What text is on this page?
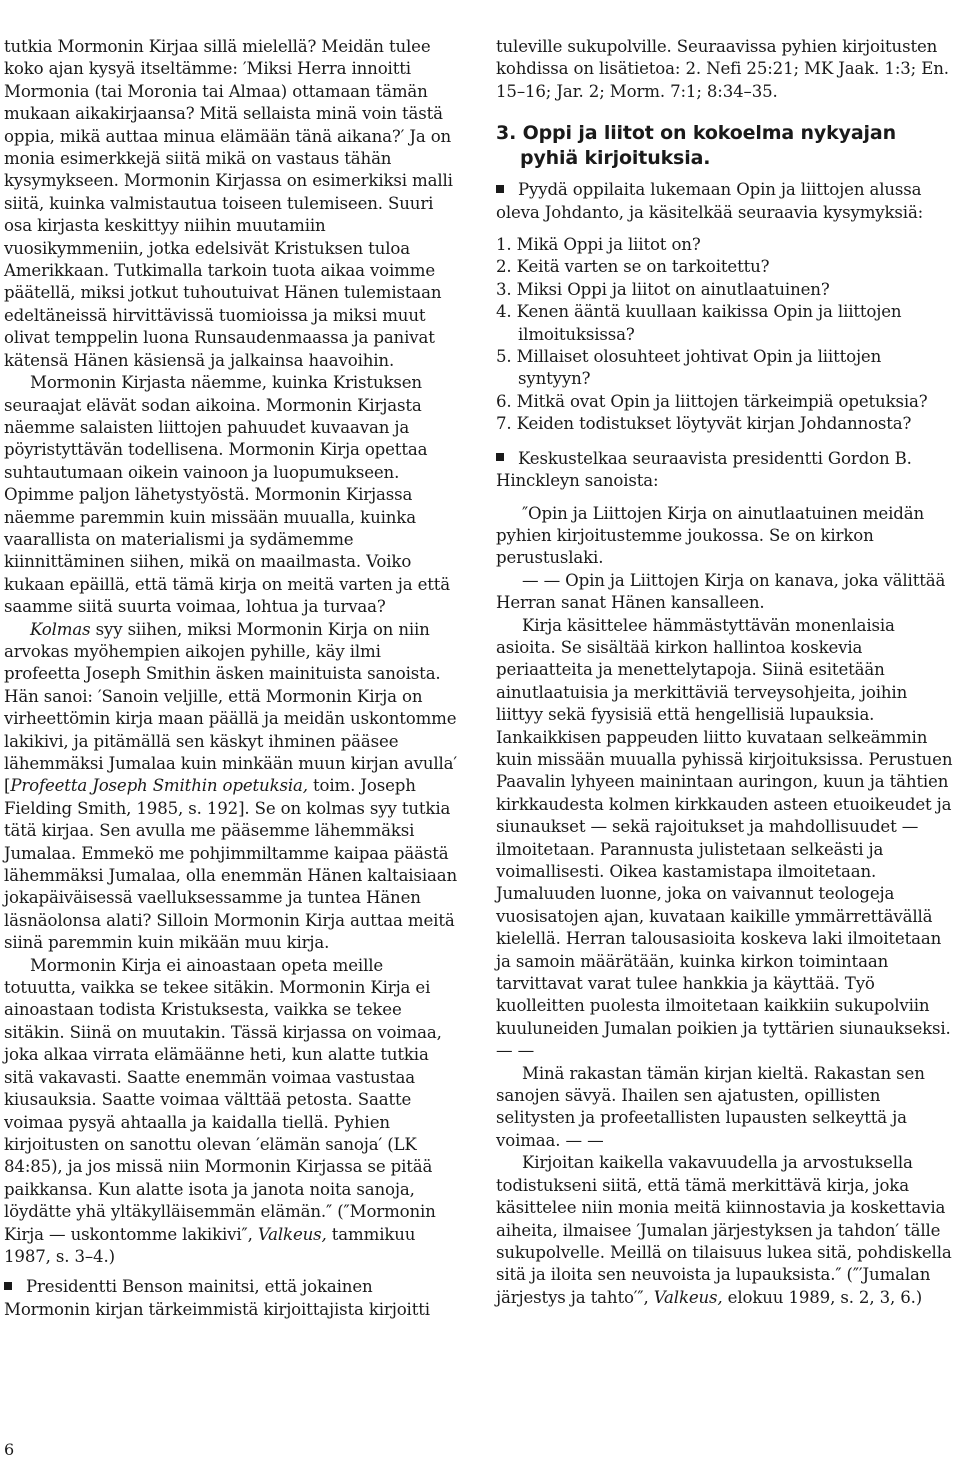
tutkia Mormonin Kirjaa sillä mielellä? Meidän tulee koko ajan kysyä itseltämme: ′Miksi Herra innoitti Mormonia (tai Moronia tai Almaa) ottamaan tämän mukaan aikakirjaansa? Mitä sellaista minä voin tästä oppia, mikä auttaa minua elämään tänä aikana?′ Ja on monia esimerkkejä siitä mikä on vastaus tähän kysymykseen. Mormonin Kirjassa on esimerkiksi malli siitä, kuinka valmistautua toiseen tulemiseen. Suuri osa kirjasta keskittyy niihin muutamiin vuosikymmeniin, jotka edelsivät Kristuksen tuloa Amerikkaan. Tutkimalla tarkoin tuota aikaa voimme päätellä, miksi jotkut tuhoutuivat Hänen tulemistaan edeltäneissä hirvittävissä tuomioissa ja miksi muut olivat temppelin luona Runsaudenmaassa ja panivat kätensä Hänen käsiensä ja jalkainsa haavoihin.

Mormonin Kirjasta näemme, kuinka Kristuksen seuraajat elävät sodan aikoina. Mormonin Kirjasta näemme salaisten liittojen pahuudet kuvaavan ja pöyristyttävän todellisena. Mormonin Kirja opettaa suhtautumaan oikein vainoon ja luopumukseen. Opimme paljon lähetystyöstä. Mormonin Kirjassa näemme paremmin kuin missään muualla, kuinka vaarallista on materialismi ja sydämemme kiinnittäminen siihen, mikä on maailmasta. Voiko kukaan epäillä, että tämä kirja on meitä varten ja että saamme siitä suurta voimaa, lohtua ja turvaa?

Kolmas syy siihen, miksi Mormonin Kirja on niin arvokas myöhempien aikojen pyhille, käy ilmi profeetta Joseph Smithin äsken mainituista sanoista. Hän sanoi: ′Sanoin veljille, että Mormonin Kirja on virheettömin kirja maan päällä ja meidän uskontomme lakikivi, ja pitämällä sen käskyt ihminen pääsee lähemmäksi Jumalaa kuin minkään muun kirjan avulla′ [Profeetta Joseph Smithin opetuksia, toim. Joseph Fielding Smith, 1985, s. 192]. Se on kolmas syy tutkia tätä kirjaa. Sen avulla me pääsemme lähemmäksi Jumalaa. Emmekö me pohjimmiltamme kaipaa päästä lähemmäksi Jumalaa, olla enemmän Hänen kaltaisiaan jokapäiväisessä vaelluksessamme ja tuntea Hänen läsnäolonsa alati? Silloin Mormonin Kirja auttaa meitä siinä paremmin kuin mikään muu kirja.

Mormonin Kirja ei ainoastaan opeta meille totuutta, vaikka se tekee sitäkin. Mormonin Kirja ei ainoastaan todista Kristuksesta, vaikka se tekee sitäkin. Siinä on muutakin. Tässä kirjassa on voimaa, joka alkaa virrata elämäänne heti, kun alatte tutkia sitä vakavasti. Saatte enemmän voimaa vastustaa kiusauksia. Saatte voimaa välttää petosta. Saatte voimaa pysyä ahtaalla ja kaidalla tiellä. Pyhien kirjoitusten on sanottu olevan ′elämän sanoja′ (LK 84:85), ja jos missä niin Mormonin Kirjassa se pitää paikkansa. Kun alatte isota ja janota noita sanoja, löydätte yhä yltäkylläisemmän elämän.″ (″Mormonin Kirja — uskontomme lakikivi″, Valkeus, tammikuu 1987, s. 3–4.)

Presidentti Benson mainitsi, että jokainen Mormonin kirjan tärkeimmistä kirjoittajista kirjoitti

tuleville sukupolville. Seuraavissa pyhien kirjoitusten kohdissa on lisätietoa: 2. Nefi 25:21; MK Jaak. 1:3; En. 15–16; Jar. 2; Morm. 7:1; 8:34–35.

3. Oppi ja liitot on kokoelma nykyajan pyhiä kirjoituksia.

Pyydä oppilaita lukemaan Opin ja liittojen alussa oleva Johdanto, ja käsitelkää seuraavia kysymyksiä:

1. Mikä Oppi ja liitot on?
2. Keitä varten se on tarkoitettu?
3. Miksi Oppi ja liitot on ainutlaatuinen?
4. Kenen ääntä kuullaan kaikissa Opin ja liittojen ilmoituksissa?
5. Millaiset olosuhteet johtivat Opin ja liittojen syntyyn?
6. Mitkä ovat Opin ja liittojen tärkeimpiä opetuksia?
7. Keiden todistukset löytyvät kirjan Johdannosta?

Keskustelkaa seuraavista presidentti Gordon B. Hinckleyn sanoista:

″Opin ja Liittojen Kirja on ainutlaatuinen meidän pyhien kirjoitustemme joukossa. Se on kirkon perustuslaki.

— — Opin ja Liittojen Kirja on kanava, joka välittää Herran sanat Hänen kansalleen.

Kirja käsittelee hämmästyttävän monenlaisia asioita. Se sisältää kirkon hallintoa koskevia periaatteita ja menettelytapoja. Siinä esitetään ainutlaatuisia ja merkittäviä terveysohjeita, joihin liittyy sekä fyysisiä että hengellisiä lupauksia. Iankaikkisen pappeuden liitto kuvataan selkeämmin kuin missään muualla pyhissä kirjoituksissa. Perustuen Paavalin lyhyeen mainintaan auringon, kuun ja tähtien kirkkaudesta kolmen kirkkauden asteen etuoikeudet ja siunaukset — sekä rajoitukset ja mahdollisuudet — ilmoitetaan. Parannusta julistetaan selkeästi ja voimallisesti. Oikea kastamistapa ilmoitetaan. Jumaluuden luonne, joka on vaivannut teologeja vuosisatojen ajan, kuvataan kaikille ymmärrettävällä kielellä. Herran talousasioita koskeva laki ilmoitetaan ja samoin määrätään, kuinka kirkon toimintaan tarvittavat varat tulee hankkia ja käyttää. Työ kuolleitten puolesta ilmoitetaan kaikkiin sukupolviin kuuluneiden Jumalan poikien ja tyttärien siunaukseksi. — —

Minä rakastan tämän kirjan kieltä. Rakastan sen sanojen sävyä. Ihailen sen ajatusten, opillisten selitysten ja profeetallisten lupausten selkeyttä ja voimaa. — —

Kirjoitan kaikella vakavuudella ja arvostuksella todistukseni siitä, että tämä merkittävä kirja, joka käsittelee niin monia meitä kiinnostavia ja koskettavia aiheita, ilmaisee ′Jumalan järjestyksen ja tahdon′ tälle sukupolvelle. Meillä on tilaisuus lukea sitä, pohdiskella sitä ja iloita sen neuvoista ja lupauksista.″ (″′Jumalan järjestys ja tahto′″, Valkeus, elokuu 1989, s. 2, 3, 6.)

6
